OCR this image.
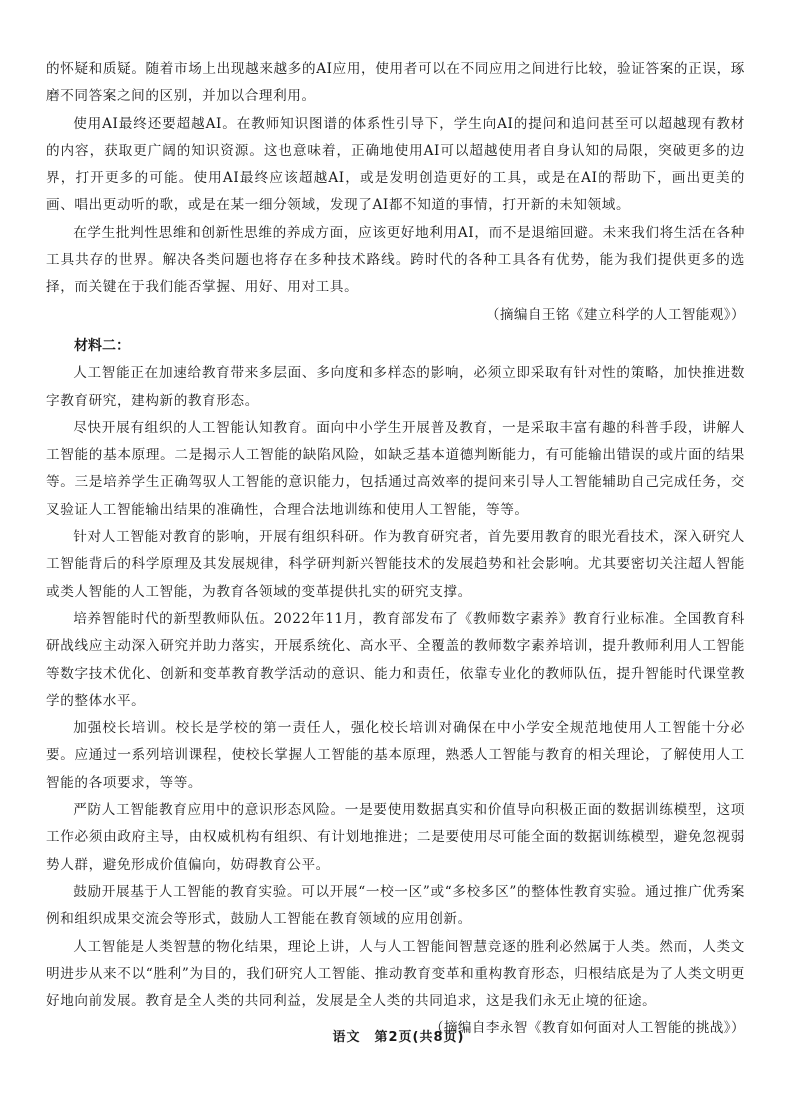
的怀疑和质疑。随着市场上出现越来越多的AI应用，使用者可以在不同应用之间进行比较，验证答案的正误，琢磨不同答案之间的区别，并加以合理利用。

使用AI最终还要超越AI。在教师知识图谱的体系性引导下，学生向AI的提问和追问甚至可以超越现有教材的内容，获取更广阔的知识资源。这也意味着，正确地使用AI可以超越使用者自身认知的局限，突破更多的边界，打开更多的可能。使用AI最终应该超越AI，或是发明创造更好的工具，或是在AI的帮助下，画出更美的画、唱出更动听的歌，或是在某一细分领域，发现了AI都不知道的事情，打开新的未知领域。

在学生批判性思维和创新性思维的养成方面，应该更好地利用AI，而不是退缩回避。未来我们将生活在各种工具共存的世界。解决各类问题也将存在多种技术路线。跨时代的各种工具各有优势，能为我们提供更多的选择，而关键在于我们能否掌握、用好、用对工具。

（摘编自王铭《建立科学的人工智能观》）

材料二：

人工智能正在加速给教育带来多层面、多向度和多样态的影响，必须立即采取有针对性的策略，加快推进数字教育研究，建构新的教育形态。

尽快开展有组织的人工智能认知教育。面向中小学生开展普及教育，一是采取丰富有趣的科普手段，讲解人工智能的基本原理。二是揭示人工智能的缺陷风险，如缺乏基本道德判断能力，有可能输出错误的或片面的结果等。三是培养学生正确驾驭人工智能的意识能力，包括通过高效率的提问来引导人工智能辅助自己完成任务，交叉验证人工智能输出结果的准确性，合理合法地训练和使用人工智能，等等。

针对人工智能对教育的影响，开展有组织科研。作为教育研究者，首先要用教育的眼光看技术，深入研究人工智能背后的科学原理及其发展规律，科学研判新兴智能技术的发展趋势和社会影响。尤其要密切关注超人智能或类人智能的人工智能，为教育各领域的变革提供扎实的研究支撑。

培养智能时代的新型教师队伍。2022年11月，教育部发布了《教师数字素养》教育行业标准。全国教育科研战线应主动深入研究并助力落实，开展系统化、高水平、全覆盖的教师数字素养培训，提升教师利用人工智能等数字技术优化、创新和变革教育教学活动的意识、能力和责任，依靠专业化的教师队伍，提升智能时代课堂教学的整体水平。

加强校长培训。校长是学校的第一责任人，强化校长培训对确保在中小学安全规范地使用人工智能十分必要。应通过一系列培训课程，使校长掌握人工智能的基本原理，熟悉人工智能与教育的相关理论，了解使用人工智能的各项要求，等等。

严防人工智能教育应用中的意识形态风险。一是要使用数据真实和价值导向积极正面的数据训练模型，这项工作必须由政府主导，由权威机构有组织、有计划地推进；二是要使用尽可能全面的数据训练模型，避免忽视弱势人群，避免形成价值偏向，妨碍教育公平。

鼓励开展基于人工智能的教育实验。可以开展“一校一区”或“多校多区”的整体性教育实验。通过推广优秀案例和组织成果交流会等形式，鼓励人工智能在教育领域的应用创新。

人工智能是人类智慧的物化结果，理论上讲，人与人工智能间智慧竞逐的胜利必然属于人类。然而，人类文明进步从来不以“胜利”为目的，我们研究人工智能、推动教育变革和重构教育形态，归根结底是为了人类文明更好地向前发展。教育是全人类的共同利益，发展是全人类的共同追求，这是我们永无止境的征途。

（摘编自李永智《教育如何面对人工智能的挑战》）

语文　第2页(共8页)
